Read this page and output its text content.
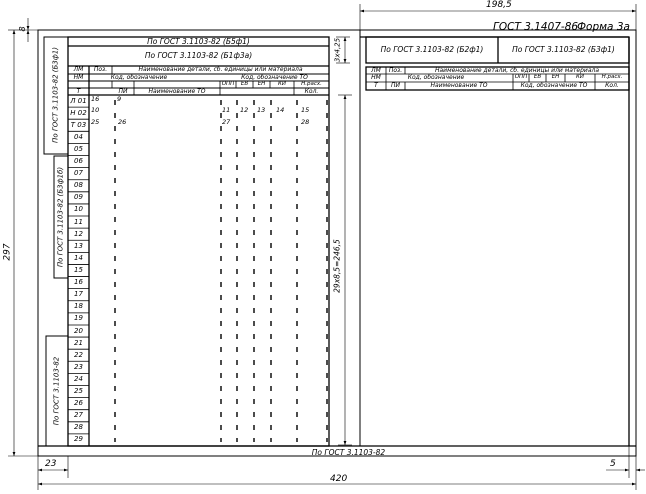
ГОСТ 3.1407-86
Форма 3а
198,5
8
297
23	5
420
3х4,25
29х8,5=246,5
По ГОСТ 3.1103-82 (Б5ф1)
По ГОСТ 3.1103-82 (Б1ф3а)
ЛМ	Поз.	Наименование детали, сб. единицы или материала
НМ	Код, обозначение	Код, обозначение ТО
ОПП	ЕВ	ЕН	КИ	Н.расх.
Т	ПИ	Наименование ТО	Кол.
Л 01
Н 02
Т 03
04
05
06
07
08
09
10
11
12
13
14
15
16
17
18
19
20
21
22
23
24
25
26
27
28
29
16	9
10	11 12 13 14	15
25	26	27	28
По ГОСТ 3.1103-82 (Б3ф1)
По ГОСТ 3.1103-82 (Б3ф1б)
По ГОСТ 3.1103-82
По ГОСТ 3.1103-82
По ГОСТ 3.1103-82 (Б2ф1)	По ГОСТ 3.1103-82 (Б3ф1)
ЛМ	Поз.	Наименование детали, сб. единицы или материала
НМ	Код, обозначение	ОПП	ЕВ	ЕН	КИ	Н.расх.
Т	ПИ	Наименование ТО	Код, обозначение ТО	Кол.
